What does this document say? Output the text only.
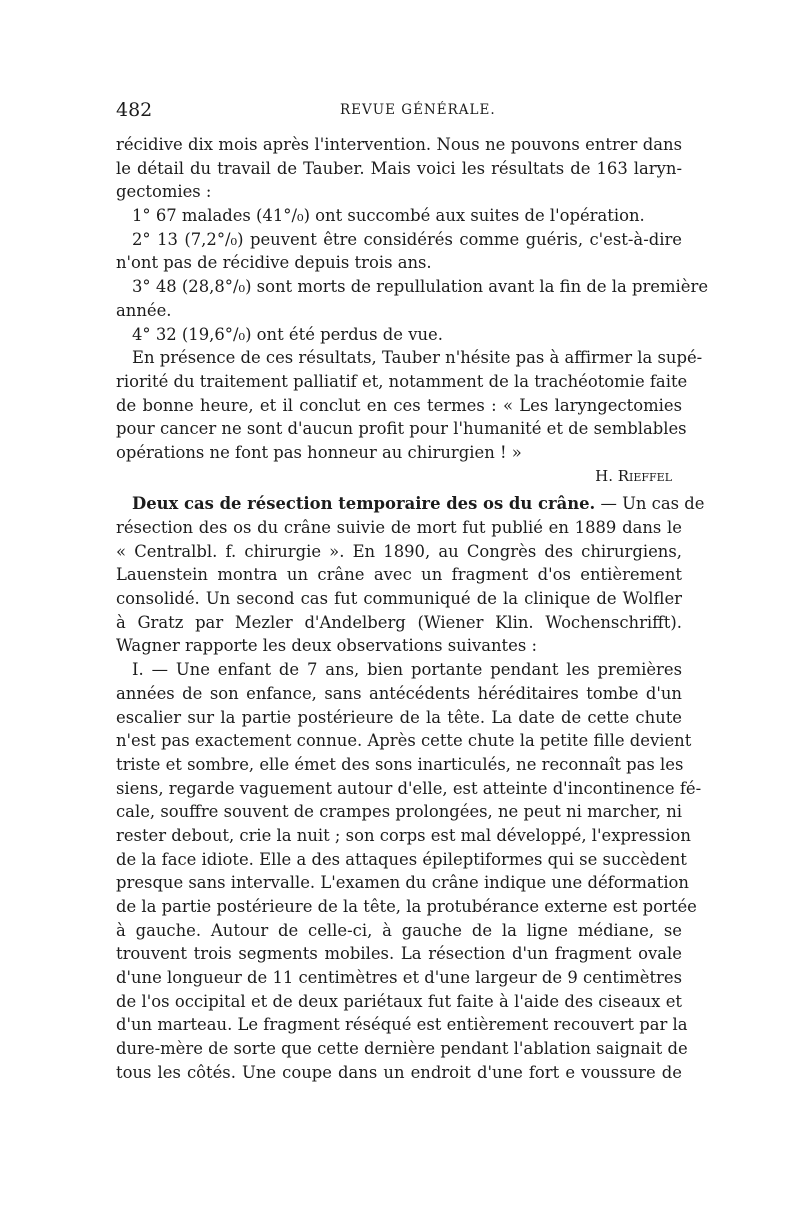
482	REVUE GÉNÉRALE.
récidive dix mois après l'intervention. Nous ne pouvons entrer dans
le détail du travail de Tauber. Mais voici les résultats de 163 laryn-
gectomies :
1° 67 malades (41°/₀) ont succombé aux suites de l'opération.
2° 13 (7,2°/₀) peuvent être considérés comme guéris, c'est-à-dire
n'ont pas de récidive depuis trois ans.
3° 48 (28,8°/₀) sont morts de repullulation avant la fin de la première
année.
4° 32 (19,6°/₀) ont été perdus de vue.
En présence de ces résultats, Tauber n'hésite pas à affirmer la supé-
riorité du traitement palliatif et, notamment de la trachéotomie faite
de bonne heure, et il conclut en ces termes : « Les laryngectomies
pour cancer ne sont d'aucun profit pour l'humanité et de semblables
opérations ne font pas honneur au chirurgien ! »
H. Rieffel
Deux cas de résection temporaire des os du crâne. — Un cas de
résection des os du crâne suivie de mort fut publié en 1889 dans le
« Centralbl. f. chirurgie ». En 1890, au Congrès des chirurgiens,
Lauenstein montra un crâne avec un fragment d'os entièrement
consolidé. Un second cas fut communiqué de la clinique de Wolfler
à Gratz par Mezler d'Andelberg (Wiener Klin. Wochenschrifft).
Wagner rapporte les deux observations suivantes :
I. — Une enfant de 7 ans, bien portante pendant les premières
années de son enfance, sans antécédents héréditaires tombe d'un
escalier sur la partie postérieure de la tête. La date de cette chute
n'est pas exactement connue. Après cette chute la petite fille devient
triste et sombre, elle émet des sons inarticulés, ne reconnaît pas les
siens, regarde vaguement autour d'elle, est atteinte d'incontinence fé-
cale, souffre souvent de crampes prolongées, ne peut ni marcher, ni
rester debout, crie la nuit ; son corps est mal développé, l'expression
de la face idiote. Elle a des attaques épileptiformes qui se succèdent
presque sans intervalle. L'examen du crâne indique une déformation
de la partie postérieure de la tête, la protubérance externe est portée
à gauche. Autour de celle-ci, à gauche de la ligne médiane, se
trouvent trois segments mobiles. La résection d'un fragment ovale
d'une longueur de 11 centimètres et d'une largeur de 9 centimètres
de l'os occipital et de deux pariétaux fut faite à l'aide des ciseaux et
d'un marteau. Le fragment réséqué est entièrement recouvert par la
dure-mère de sorte que cette dernière pendant l'ablation saignait de
tous les côtés. Une coupe dans un endroit d'une fort e voussure de
